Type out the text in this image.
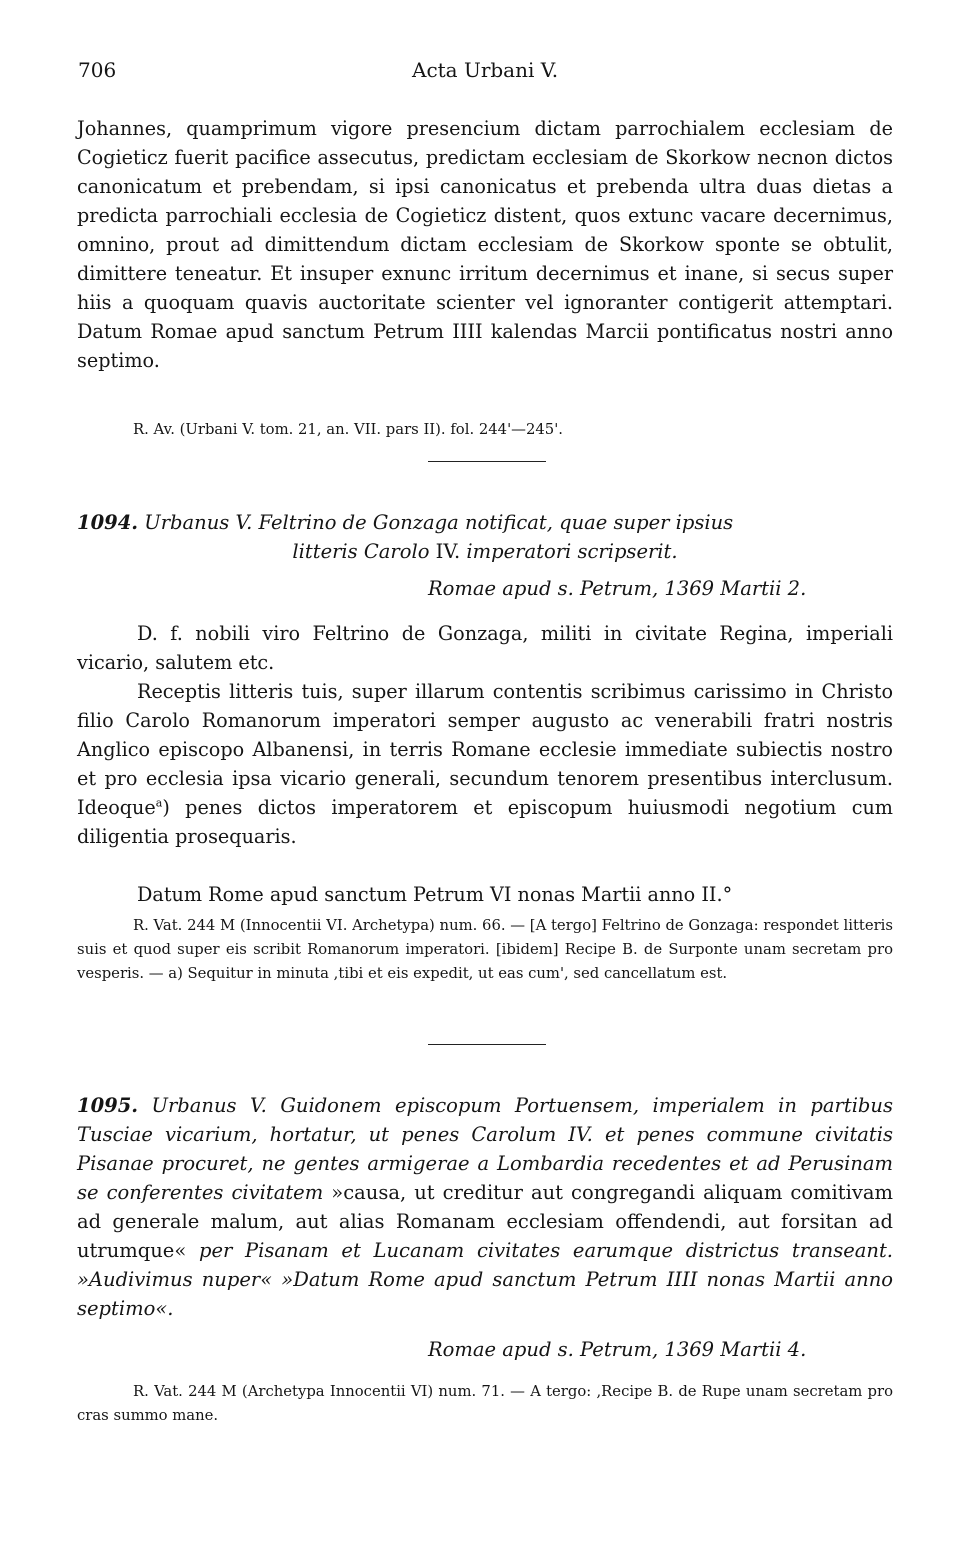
706	Acta Urbani V.

Johannes, quamprimum vigore presencium dictam parrochialem ecclesiam de Cogieticz fuerit pacifice assecutus, predictam ecclesiam de Skorkow necnon dictos canonicatum et prebendam, si ipsi canonicatus et prebenda ultra duas dietas a predicta parrochiali ecclesia de Cogieticz distent, quos extunc vacare decernimus, omnino, prout ad dimittendum dictam ecclesiam de Skorkow sponte se obtulit, dimittere teneatur. Et insuper exnunc irritum decernimus et inane, si secus super hiis a quoquam quavis auctoritate scienter vel ignoranter contigerit attemptari. Datum Romae apud sanctum Petrum IIII kalendas Marcii pontificatus nostri anno septimo.

R. Av. (Urbani V. tom. 21, an. VII. pars II). fol. 244'—245'.

1094. Urbanus V. Feltrino de Gonzaga notificat, quae super ipsius
litteris Carolo IV. imperatori scripserit.

Romae apud s. Petrum, 1369 Martii 2.

D. f. nobili viro Feltrino de Gonzaga, militi in civitate Regina, imperiali vicario, salutem etc.

Receptis litteris tuis, super illarum contentis scribimus carissimo in Christo filio Carolo Romanorum imperatori semper augusto ac venerabili fratri nostris Anglico episcopo Albanensi, in terris Romane ecclesie immediate subiectis nostro et pro ecclesia ipsa vicario generali, secundum tenorem presentibus interclusum. Ideoque$^a$) penes dictos imperatorem et episcopum huiusmodi negotium cum diligentia prosequaris.

Datum Rome apud sanctum Petrum VI nonas Martii anno II.°

R. Vat. 244 M (Innocentii VI. Archetypa) num. 66. — [A tergo] Feltrino de Gonzaga: respondet litteris suis et quod super eis scribit Romanorum imperatori. [ibidem] Recipe B. de Surponte unam secretam pro vesperis. — a) Sequitur in minuta ,tibi et eis expedit, ut eas cum', sed cancellatum est.

1095. Urbanus V. Guidonem episcopum Portuensem, imperialem in partibus Tusciae vicarium, hortatur, ut penes Carolum IV. et penes commune civitatis Pisanae procuret, ne gentes armigerae a Lombardia recedentes et ad Perusinam se conferentes civitatem »causa, ut creditur aut congregandi aliquam comitivam ad generale malum, aut alias Romanam ecclesiam offendendi, aut forsitan ad utrumque« per Pisanam et Lucanam civitates earumque districtus transeant. »Audivimus nuper« »Datum Rome apud sanctum Petrum IIII nonas Martii anno septimo«.

Romae apud s. Petrum, 1369 Martii 4.

R. Vat. 244 M (Archetypa Innocentii VI) num. 71. — A tergo: ,Recipe B. de Rupe unam secretam pro cras summo mane.
